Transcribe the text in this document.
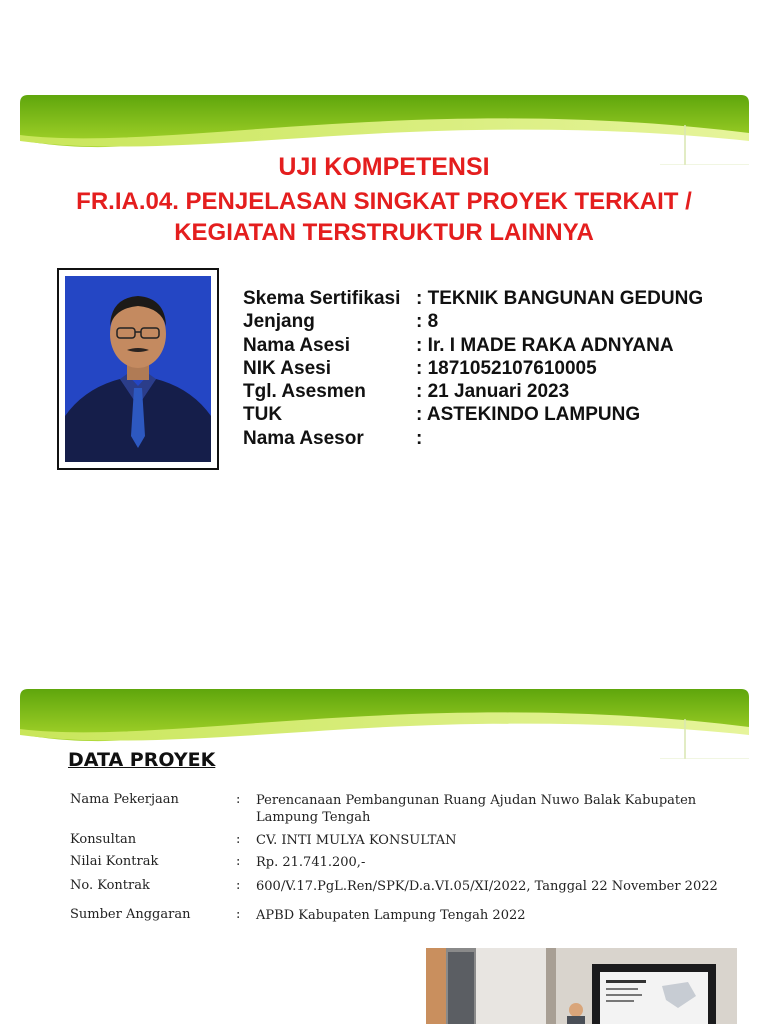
UJI KOMPETENSI
FR.IA.04. PENJELASAN SINGKAT PROYEK TERKAIT /
KEGIATAN TERSTRUKTUR LAINNYA
Skema Sertifikasi : TEKNIK BANGUNAN GEDUNG
Jenjang	: 8
Nama Asesi	: Ir. I MADE RAKA ADNYANA
NIK Asesi	: 1871052107610005
Tgl. Asesmen	: 21 Januari 2023
TUK	: ASTEKINDO LAMPUNG
Nama Asesor	:
DATA PROYEK
Nama Pekerjaan	: Perencanaan Pembangunan Ruang Ajudan Nuwo Balak Kabupaten Lampung Tengah
Konsultan	: CV. INTI MULYA KONSULTAN
Nilai Kontrak	: Rp. 21.741.200,-
No. Kontrak	: 600/V.17.PgL.Ren/SPK/D.a.VI.05/XI/2022, Tanggal 22 November 2022
Sumber Anggaran	: APBD Kabupaten Lampung Tengah 2022
